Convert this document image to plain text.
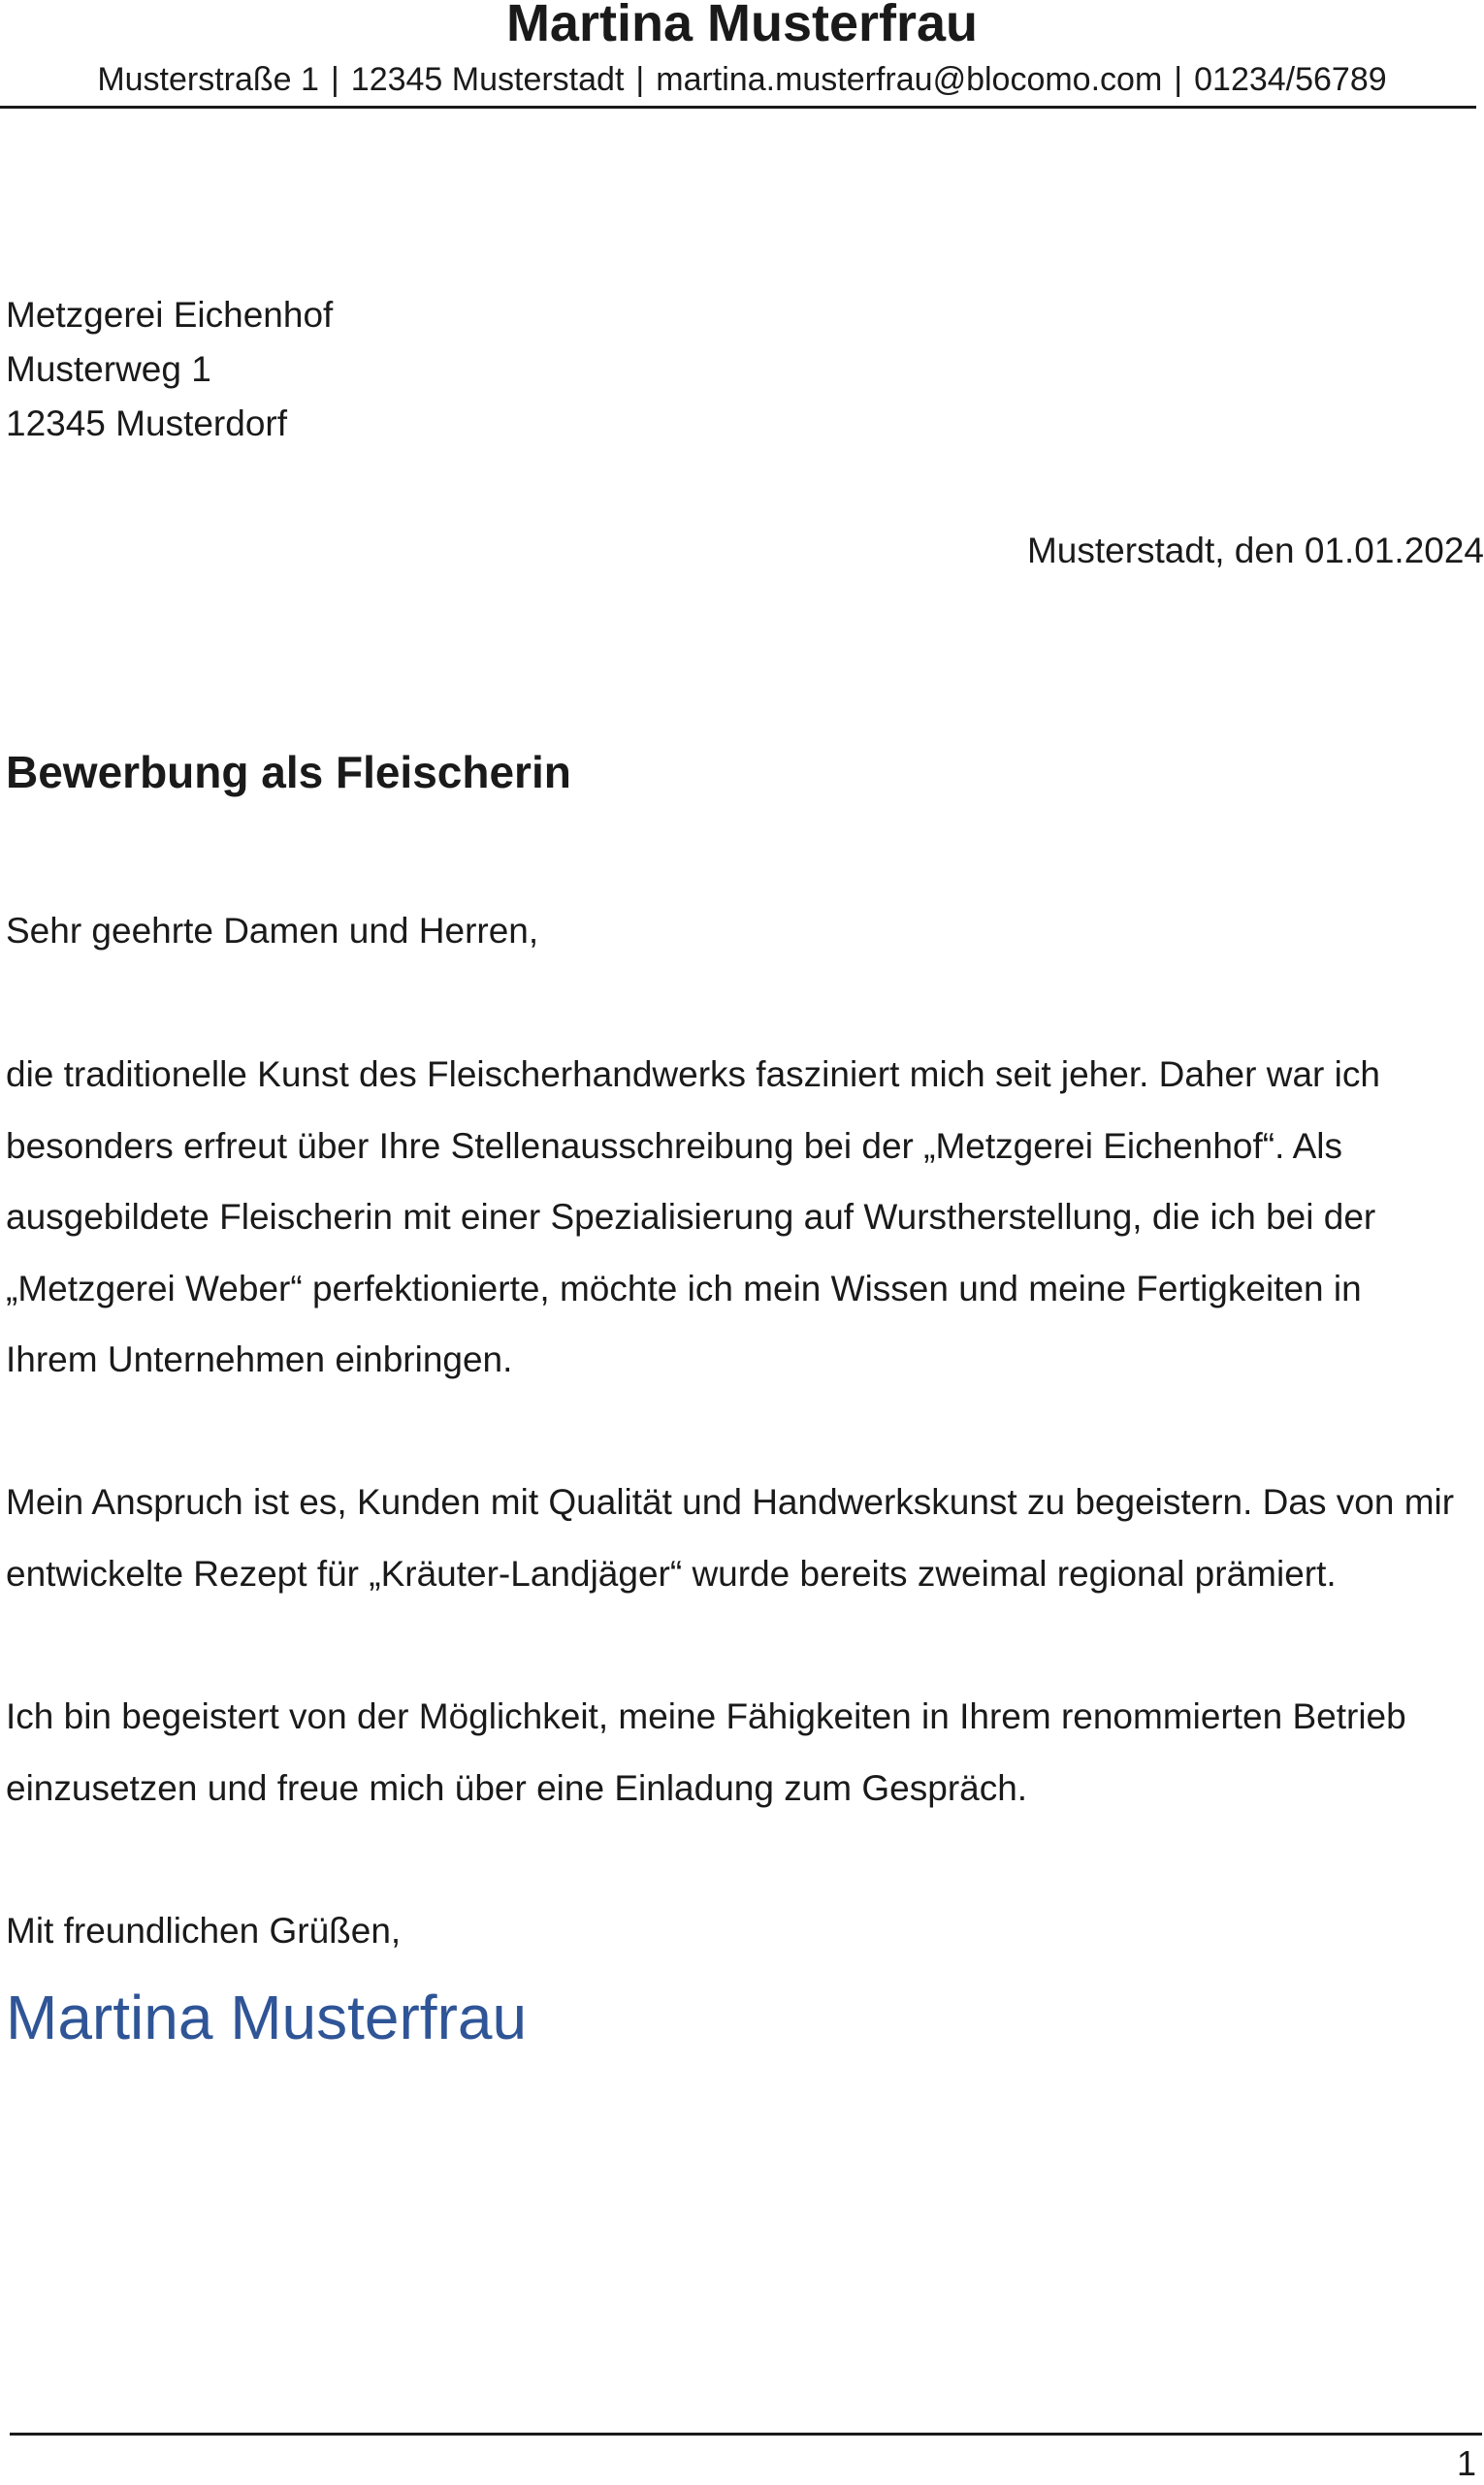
Martina Musterfrau
Musterstraße 1 | 12345 Musterstadt | martina.musterfrau@blocomo.com | 01234/56789
Metzgerei Eichenhof
Musterweg 1
12345 Musterdorf
Musterstadt, den 01.01.2024
Bewerbung als Fleischerin
Sehr geehrte Damen und Herren,
die traditionelle Kunst des Fleischerhandwerks fasziniert mich seit jeher. Daher war ich
besonders erfreut über Ihre Stellenausschreibung bei der „Metzgerei Eichenhof“. Als
ausgebildete Fleischerin mit einer Spezialisierung auf Wurstherstellung, die ich bei der
„Metzgerei Weber“ perfektionierte, möchte ich mein Wissen und meine Fertigkeiten in
Ihrem Unternehmen einbringen.
Mein Anspruch ist es, Kunden mit Qualität und Handwerkskunst zu begeistern. Das von mir
entwickelte Rezept für „Kräuter-Landjäger“ wurde bereits zweimal regional prämiert.
Ich bin begeistert von der Möglichkeit, meine Fähigkeiten in Ihrem renommierten Betrieb
einzusetzen und freue mich über eine Einladung zum Gespräch.
Mit freundlichen Grüßen,
Martina Musterfrau
1
